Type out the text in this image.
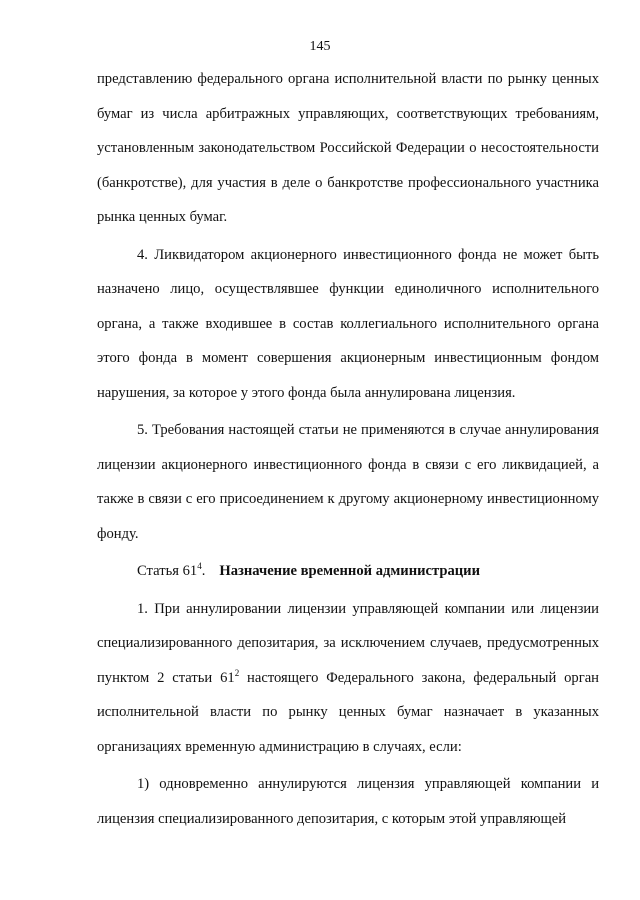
145

представлению федерального органа исполнительной власти по рынку ценных бумаг из числа арбитражных управляющих, соответствующих требованиям, установленным законодательством Российской Федерации о несостоятельности (банкротстве), для участия в деле о банкротстве профессионального участника рынка ценных бумаг.

4. Ликвидатором акционерного инвестиционного фонда не может быть назначено лицо, осуществлявшее функции единоличного исполнительного органа, а также входившее в состав коллегиального исполнительного органа этого фонда в момент совершения акционерным инвестиционным фондом нарушения, за которое у этого фонда была аннулирована лицензия.

5. Требования настоящей статьи не применяются в случае аннулирования лицензии акционерного инвестиционного фонда в связи с его ликвидацией, а также в связи с его присоединением к другому акционерному инвестиционному фонду.

Статья $61^4$. Назначение временной администрации

1. При аннулировании лицензии управляющей компании или лицензии специализированного депозитария, за исключением случаев, предусмотренных пунктом 2 статьи $61^2$ настоящего Федерального закона, федеральный орган исполнительной власти по рынку ценных бумаг назначает в указанных организациях временную администрацию в случаях, если:

1) одновременно аннулируются лицензия управляющей компании и лицензия специализированного депозитария, с которым этой управляющей
